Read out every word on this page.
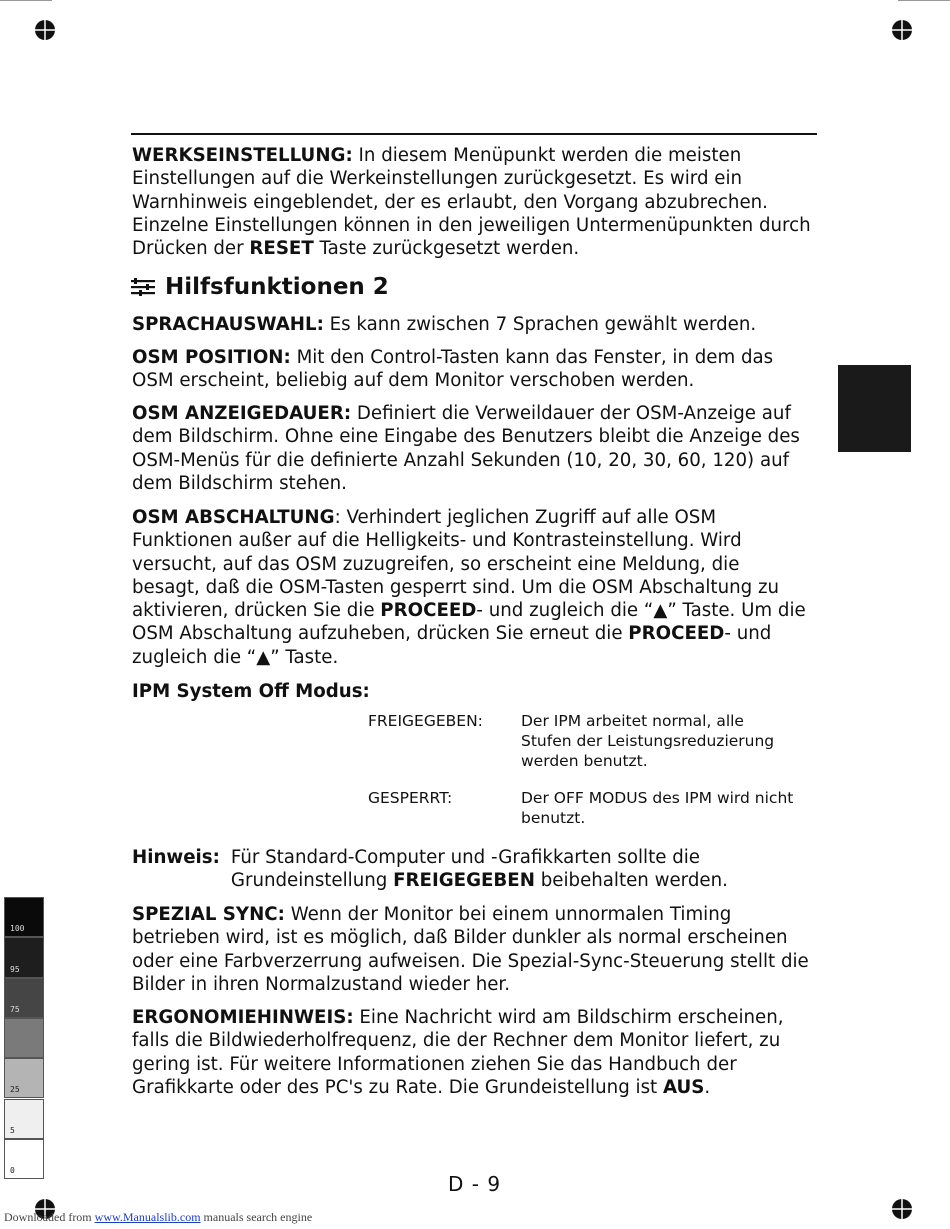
WERKSEINSTELLUNG: In diesem Menüpunkt werden die meisten Einstellungen auf die Werkeinstellungen zurückgesetzt. Es wird ein Warnhinweis eingeblendet, der es erlaubt, den Vorgang abzubrechen. Einzelne Einstellungen können in den jeweiligen Untermenüpunkten durch Drücken der RESET Taste zurückgesetzt werden.

Hilfsfunktionen 2

SPRACHAUSWAHL: Es kann zwischen 7 Sprachen gewählt werden.

OSM POSITION: Mit den Control-Tasten kann das Fenster, in dem das OSM erscheint, beliebig auf dem Monitor verschoben werden.

OSM ANZEIGEDAUER: Definiert die Verweildauer der OSM-Anzeige auf dem Bildschirm. Ohne eine Eingabe des Benutzers bleibt die Anzeige des OSM-Menüs für die definierte Anzahl Sekunden (10, 20, 30, 60, 120) auf dem Bildschirm stehen.

OSM ABSCHALTUNG: Verhindert jeglichen Zugriff auf alle OSM Funktionen außer auf die Helligkeits- und Kontrasteinstellung. Wird versucht, auf das OSM zuzugreifen, so erscheint eine Meldung, die besagt, daß die OSM-Tasten gesperrt sind. Um die OSM Abschaltung zu aktivieren, drücken Sie die PROCEED- und zugleich die “▲” Taste. Um die OSM Abschaltung aufzuheben, drücken Sie erneut die PROCEED- und zugleich die “▲” Taste.

IPM System Off Modus:

FREIGEGEBEN: Der IPM arbeitet normal, alle Stufen der Leistungsreduzierung werden benutzt.
GESPERRT:	Der OFF MODUS des IPM wird nicht benutzt.
Hinweis: Für Standard-Computer und -Grafikkarten sollte die Grundeinstellung FREIGEGEBEN beibehalten werden.

SPEZIAL SYNC: Wenn der Monitor bei einem unnormalen Timing betrieben wird, ist es möglich, daß Bilder dunkler als normal erscheinen oder eine Farbverzerrung aufweisen. Die Spezial-Sync-Steuerung stellt die Bilder in ihren Normalzustand wieder her.

ERGONOMIEHINWEIS: Eine Nachricht wird am Bildschirm erscheinen, falls die Bildwiederholfrequenz, die der Rechner dem Monitor liefert, zu gering ist. Für weitere Informationen ziehen Sie das Handbuch der Grafikkarte oder des PC's zu Rate. Die Grundeistellung ist AUS.

100
95
75
25
5
0
D - 9
Downloaded from www.Manualslib.com manuals search engine
